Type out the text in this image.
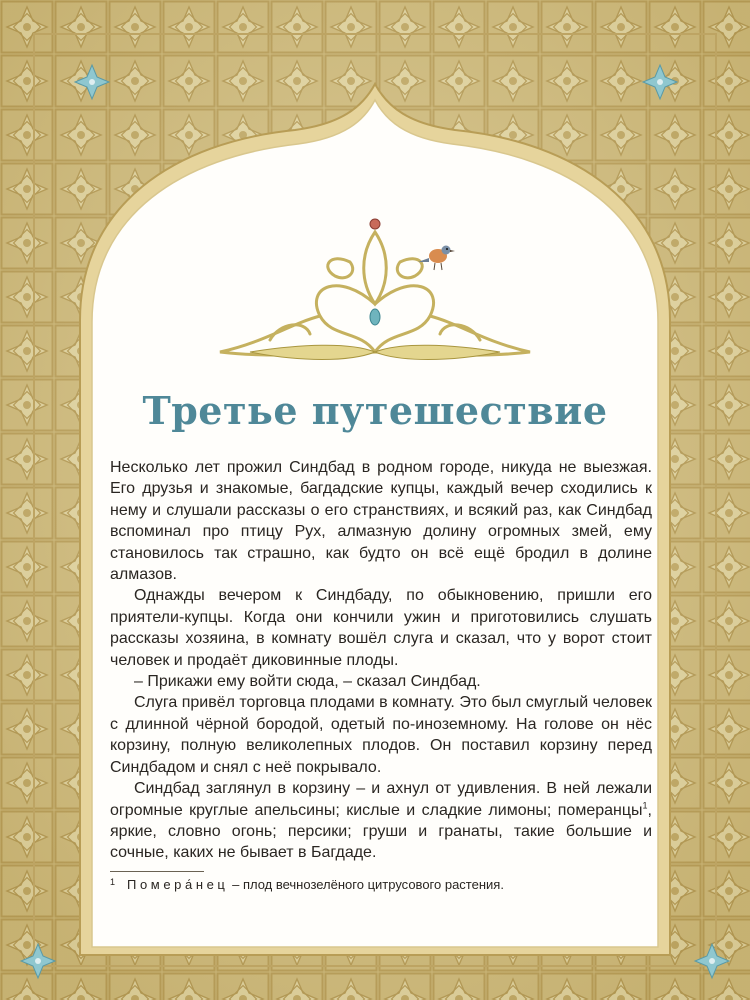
Третье путешествие

Несколько лет прожил Синдбад в родном городе, никуда не выезжая. Его друзья и знакомые, багдадские купцы, каждый вечер сходились к нему и слушали рассказы о его странствиях, и всякий раз, как Синдбад вспоминал про птицу Рух, алмазную долину огромных змей, ему становилось так страшно, как будто он всё ещё бродил в долине алмазов.

Однажды вечером к Синдбаду, по обыкновению, пришли его приятели-купцы. Когда они кончили ужин и приготовились слушать рассказы хозяина, в комнату вошёл слуга и сказал, что у ворот стоит человек и продаёт диковинные плоды.

– Прикажи ему войти сюда, – сказал Синдбад.

Слуга привёл торговца плодами в комнату. Это был смуглый человек с длинной чёрной бородой, одетый по-иноземному. На голове он нёс корзину, полную великолепных плодов. Он поставил корзину перед Синдбадом и снял с неё покрывало.

Синдбад заглянул в корзину – и ахнул от удивления. В ней лежали огромные круглые апельсины; кислые и сладкие лимоны; померанцы$^1$, яркие, словно огонь; персики; груши и гранаты, такие большие и сочные, каких не бывает в Багдаде.

$^1$ Помера́нец – плод вечнозелёного цитрусового растения.
